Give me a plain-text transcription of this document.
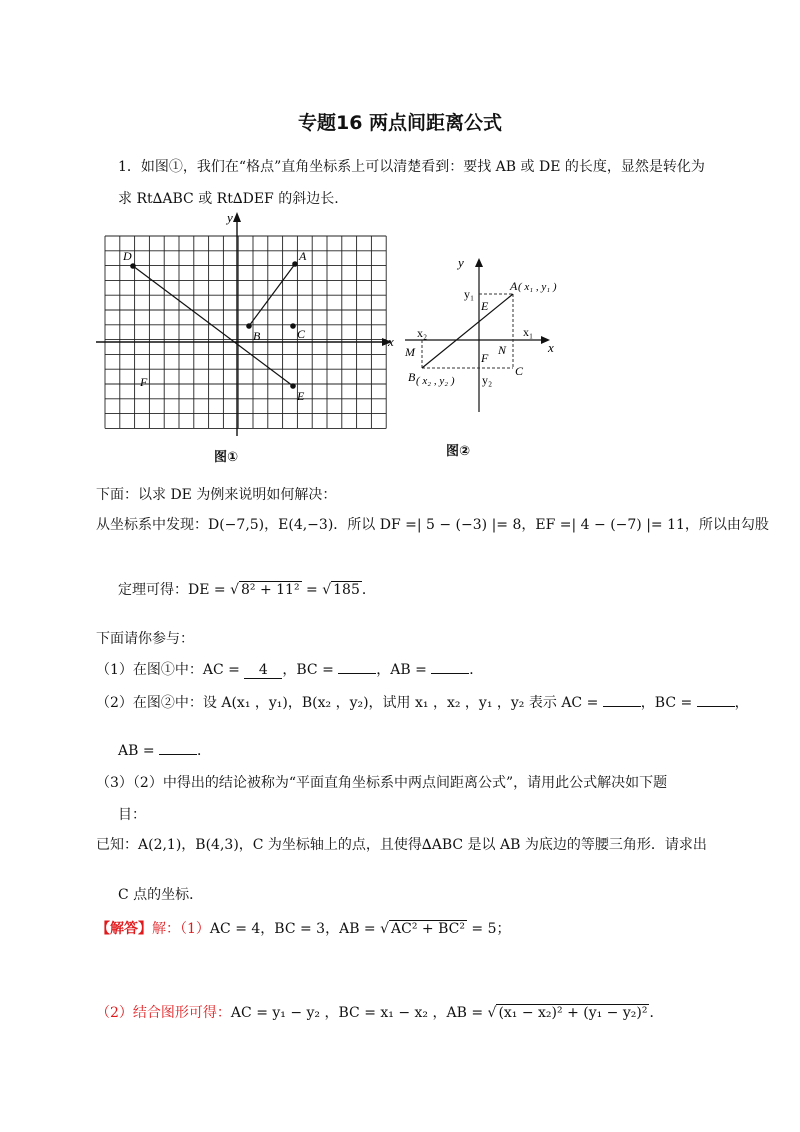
专题16 两点间距离公式
1．如图①，我们在“格点”直角坐标系上可以清楚看到：要找 AB 或 DE 的长度，显然是转化为
求 Rt∆ABC 或 Rt∆DEF 的斜边长.
y
x
D	A
B	C
F
E
图①
y
x
y₁
E
A ( x₁ , y₁ )
x₂
N
x₁
M	F
B ( x₂ , y₂ ) y₂
C
图②
下面：以求 DE 为例来说明如何解决：
从坐标系中发现：D(−7,5)，E(4,−3)．所以 DF =| 5 − (−3) |= 8，EF =| 4 − (−7) |= 11，所以由勾股
定理可得：DE = √ 8² + 11² = √ 185 ．
下面请你参与：
（1）在图①中：AC = 4 ，BC =	，AB =	．
（2）在图②中：设 A(x₁ ，y₁)，B(x₂ ，y₂)，试用 x₁ ，x₂ ，y₁ ，y₂ 表示 AC =	，BC =	，
AB =	．
（3）（2）中得出的结论被称为“平面直角坐标系中两点间距离公式”，请用此公式解决如下题
目：
已知：A(2,1)，B(4,3)，C 为坐标轴上的点，且使得∆ABC 是以 AB 为底边的等腰三角形．请求出
C 点的坐标．
【解答】解：（1）AC = 4，BC = 3，AB = √ AC² + BC² = 5；
（2）结合图形可得：AC = y₁ − y₂ ，BC = x₁ − x₂ ，AB = √ (x₁ − x₂)² + (y₁ − y₂)² ．
